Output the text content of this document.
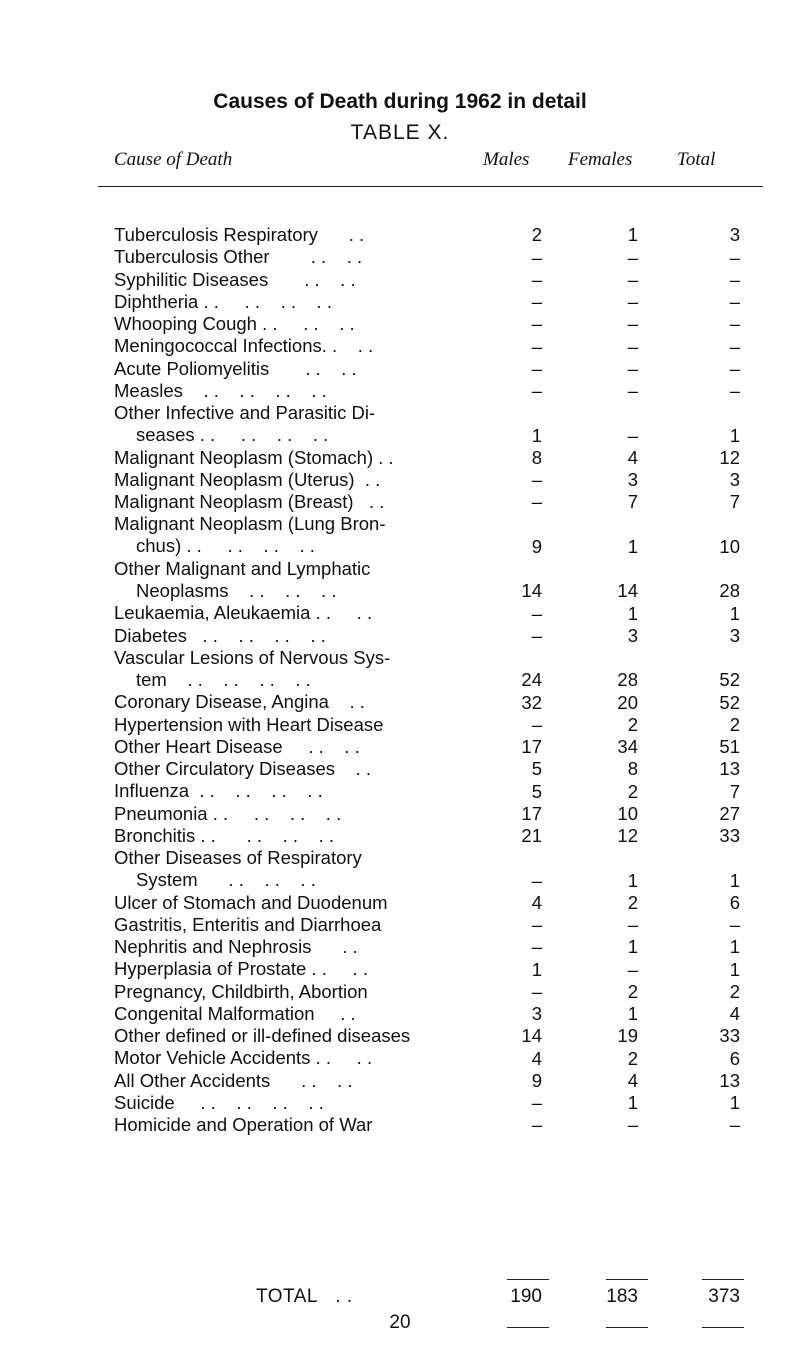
Causes of Death during 1962 in detail
TABLE X.
Cause of Death	Males Females Total
Tuberculosis Respiratory      . .	2	1	3
Tuberculosis Other        . .    . .	–	–	–
Syphilitic Diseases       . .    . .	–	–	–
Diphtheria . .     . .    . .    . .	–	–	–
Whooping Cough . .     . .    . .	–	–	–
Meningococcal Infections. .    . .	–	–	–
Acute Poliomyelitis       . .    . .	–	–	–
Measles    . .    . .    . .    . .	–	–	–
Other Infective and Parasitic Di-
seases . .     . .    . .    . .	1	–	1
Malignant Neoplasm (Stomach) . .	8	4	12
Malignant Neoplasm (Uterus)  . .	–	3	3
Malignant Neoplasm (Breast)   . .	–	7	7
Malignant Neoplasm (Lung Bron-
chus) . .     . .    . .    . .	9	1	10
Other Malignant and Lymphatic
Neoplasms    . .    . .    . .	14	14	28
Leukaemia, Aleukaemia . .     . .	–	1	1
Diabetes   . .    . .    . .    . .	–	3	3
Vascular Lesions of Nervous Sys-
tem    . .    . .    . .    . .	24	28	52
Coronary Disease, Angina    . .	32	20	52
Hypertension with Heart Disease	–	2	2
Other Heart Disease     . .    . .	17	34	51
Other Circulatory Diseases    . .	5	8	13
Influenza  . .    . .    . .    . .	5	2	7
Pneumonia . .     . .    . .    . .	17	10	27
Bronchitis . .      . .    . .    . .	21	12	33
Other Diseases of Respiratory
System      . .    . .    . .	–	1	1
Ulcer of Stomach and Duodenum	4	2	6
Gastritis, Enteritis and Diarrhoea	–	–	–
Nephritis and Nephrosis      . .	–	1	1
Hyperplasia of Prostate . .     . .	1	–	1
Pregnancy, Childbirth, Abortion	–	2	2
Congenital Malformation     . .	3	1	4
Other defined or ill-defined diseases	14	19	33
Motor Vehicle Accidents . .     . .	4	2	6
All Other Accidents      . .    . .	9	4	13
Suicide     . .    . .    . .    . .	–	1	1
Homicide and Operation of War	–	–	–
TOTAL   . .	190	183	373
20
